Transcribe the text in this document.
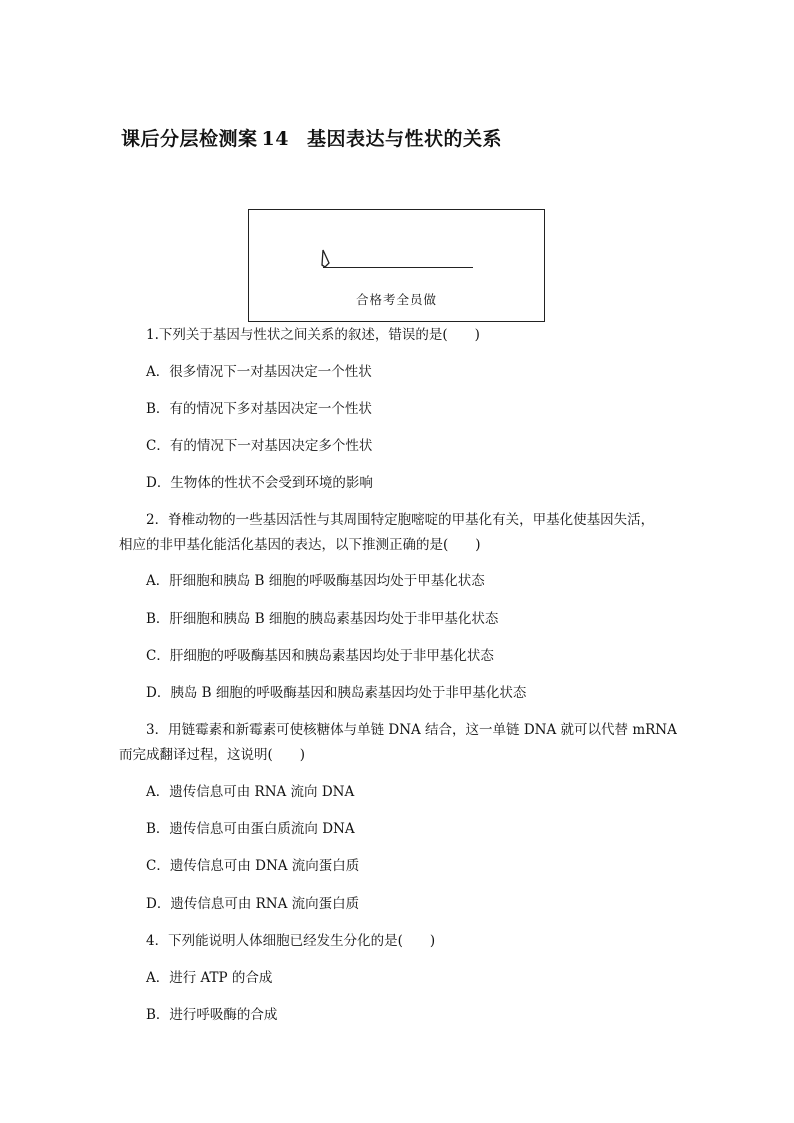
课后分层检测案 14 基因表达与性状的关系
合格考全员做
1.下列关于基因与性状之间关系的叙述，错误的是(　　)
A．很多情况下一对基因决定一个性状
B．有的情况下多对基因决定一个性状
C．有的情况下一对基因决定多个性状
D．生物体的性状不会受到环境的影响
2．脊椎动物的一些基因活性与其周围特定胞嘧啶的甲基化有关，甲基化使基因失活，
相应的非甲基化能活化基因的表达，以下推测正确的是(　　)
A．肝细胞和胰岛 B 细胞的呼吸酶基因均处于甲基化状态
B．肝细胞和胰岛 B 细胞的胰岛素基因均处于非甲基化状态
C．肝细胞的呼吸酶基因和胰岛素基因均处于非甲基化状态
D．胰岛 B 细胞的呼吸酶基因和胰岛素基因均处于非甲基化状态
3．用链霉素和新霉素可使核糖体与单链 DNA 结合，这一单链 DNA 就可以代替 mRNA
而完成翻译过程，这说明(　　)
A．遗传信息可由 RNA 流向 DNA
B．遗传信息可由蛋白质流向 DNA
C．遗传信息可由 DNA 流向蛋白质
D．遗传信息可由 RNA 流向蛋白质
4．下列能说明人体细胞已经发生分化的是(　　)
A．进行 ATP 的合成
B．进行呼吸酶的合成
